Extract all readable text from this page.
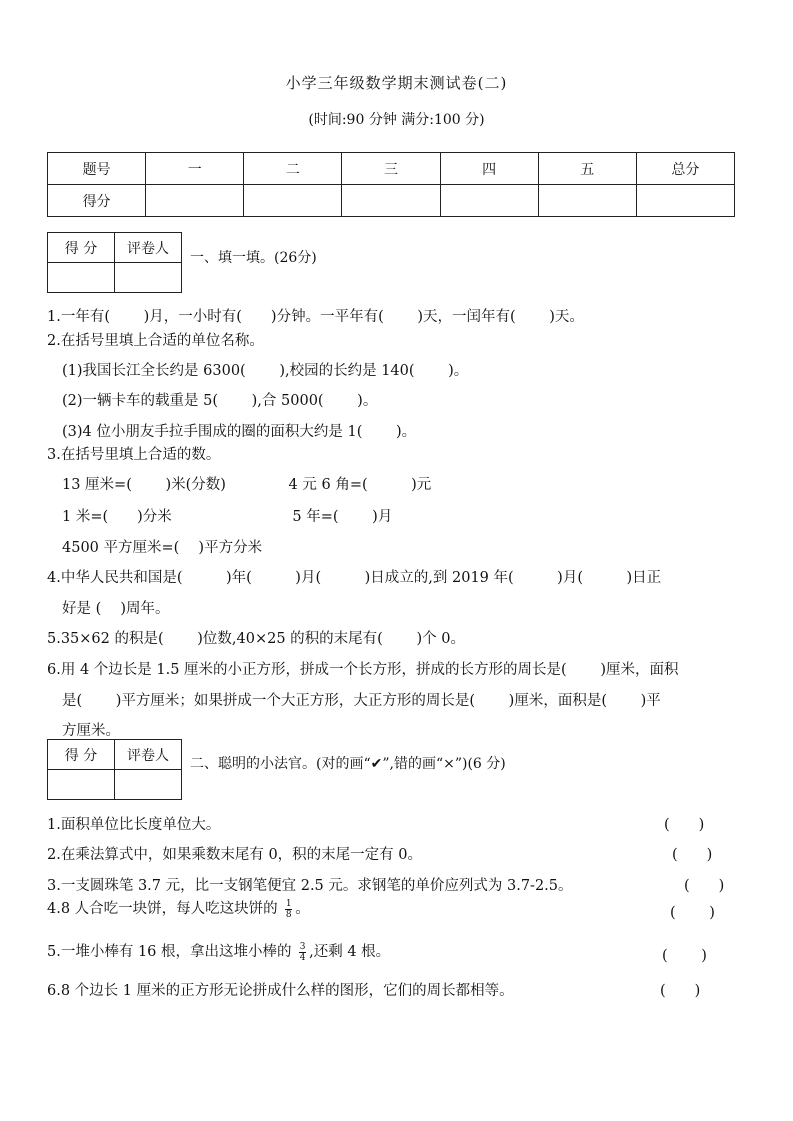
小学三年级数学期末测试卷(二)
(时间:90 分钟 满分:100 分)
题号	一	二	三	四	五	总分
得分						
得 分	评卷人

一、填一填。(26分)
1.一年有(　　 )月，一小时有(　　)分钟。一平年有(　　 )天，一闰年有(　　 )天。
2.在括号里填上合适的单位名称。
(1)我国长江全长约是 6300(　　 ),校园的长约是 140(　　 )。
(2)一辆卡车的载重是 5(　　 ),合 5000(　　 )。
(3)4 位小朋友手拉手围成的圈的面积大约是 1(　　 )。
3.在括号里填上合适的数。
13 厘米=(　　 )米(分数)　　　　 4 元 6 角=(　　　)元
1 米=(　　)分米　　　　　　　　 5 年=(　　 )月
4500 平方厘米=(　 )平方分米
4.中华人民共和国是(　　　)年(　　　)月(　　　)日成立的,到 2019 年(　　　)月(　　　)日正
好是 (　 )周年。
5.35×62 的积是(　　 )位数,40×25 的积的末尾有(　　 )个 0。
6.用 4 个边长是 1.5 厘米的小正方形，拼成一个长方形，拼成的长方形的周长是(　　 )厘米，面积
是(　　 )平方厘米；如果拼成一个大正方形，大正方形的周长是(　　 )厘米，面积是(　　 )平
方厘米。
得 分	评卷人

二、聪明的小法官。(对的画“✔”,错的画“×”)(6 分)
1.面积单位比长度单位大。	(　　)
2.在乘法算式中，如果乘数末尾有 0，积的末尾一定有 0。	(　　)
3.一支圆珠笔 3.7 元，比一支钢笔便宜 2.5 元。求钢笔的单价应列式为 3.7-2.5。	(　　)
4.8 人合吃一块饼，每人吃这块饼的 $\frac{1}{8}$ 。	(　　 )
5.一堆小棒有 16 根，拿出这堆小棒的 $\frac{3}{4}$ ,还剩 4 根。	(　　 )
6.8 个边长 1 厘米的正方形无论拼成什么样的图形，它们的周长都相等。	(　　)
